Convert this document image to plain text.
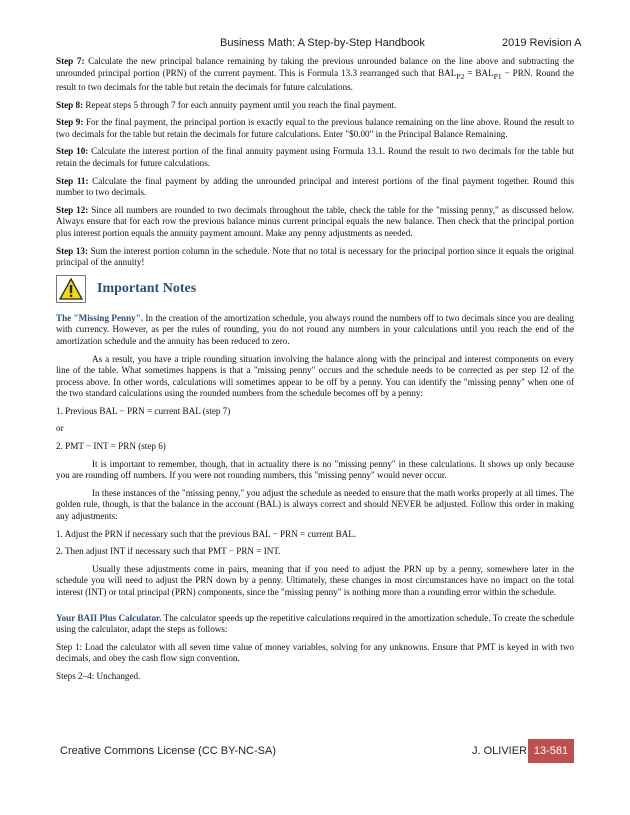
Business Math: A Step-by-Step Handbook	2019 Revision A

Step 7: Calculate the new principal balance remaining by taking the previous unrounded balance on the line above and subtracting the unrounded principal portion (PRN) of the current payment. This is Formula 13.3 rearranged such that $BAL_{P2} = BAL_{P1}$ − PRN. Round the result to two decimals for the table but retain the decimals for future calculations.

Step 8: Repeat steps 5 through 7 for each annuity payment until you reach the final payment.

Step 9: For the final payment, the principal portion is exactly equal to the previous balance remaining on the line above. Round the result to two decimals for the table but retain the decimals for future calculations. Enter "$0.00" in the Principal Balance Remaining.

Step 10: Calculate the interest portion of the final annuity payment using Formula 13.1. Round the result to two decimals for the table but retain the decimals for future calculations.

Step 11: Calculate the final payment by adding the unrounded principal and interest portions of the final payment together. Round this number to two decimals.

Step 12: Since all numbers are rounded to two decimals throughout the table, check the table for the "missing penny," as discussed below. Always ensure that for each row the previous balance minus current principal equals the new balance. Then check that the principal portion plus interest portion equals the annuity payment amount. Make any penny adjustments as needed.

Step 13: Sum the interest portion column in the schedule. Note that no total is necessary for the principal portion since it equals the original principal of the annuity!

Important Notes

The "Missing Penny". In the creation of the amortization schedule, you always round the numbers off to two decimals since you are dealing with currency. However, as per the rules of rounding, you do not round any numbers in your calculations until you reach the end of the amortization schedule and the annuity has been reduced to zero.

As a result, you have a triple rounding situation involving the balance along with the principal and interest components on every line of the table. What sometimes happens is that a "missing penny" occurs and the schedule needs to be corrected as per step 12 of the process above. In other words, calculations will sometimes appear to be off by a penny. You can identify the "missing penny" when one of the two standard calculations using the rounded numbers from the schedule becomes off by a penny:

1. Previous BAL − PRN = current BAL (step 7)

or

2. PMT − INT = PRN (step 6)

It is important to remember, though, that in actuality there is no "missing penny" in these calculations. It shows up only because you are rounding off numbers. If you were not rounding numbers, this "missing penny" would never occur.

In these instances of the "missing penny," you adjust the schedule as needed to ensure that the math works properly at all times. The golden rule, though, is that the balance in the account (BAL) is always correct and should NEVER be adjusted. Follow this order in making any adjustments:

1. Adjust the PRN if necessary such that the previous BAL − PRN = current BAL.

2. Then adjust INT if necessary such that PMT − PRN = INT.

Usually these adjustments come in pairs, meaning that if you need to adjust the PRN up by a penny, somewhere later in the schedule you will need to adjust the PRN down by a penny. Ultimately, these changes in most circumstances have no impact on the total interest (INT) or total principal (PRN) components, since the "missing penny" is nothing more than a rounding error within the schedule.

Your BAII Plus Calculator. The calculator speeds up the repetitive calculations required in the amortization schedule. To create the schedule using the calculator, adapt the steps as follows:

Step 1: Load the calculator with all seven time value of money variables, solving for any unknowns. Ensure that PMT is keyed in with two decimals, and obey the cash flow sign convention.

Steps 2–4: Unchanged.

Creative Commons License (CC BY-NC-SA)	J. OLIVIER 13-581
